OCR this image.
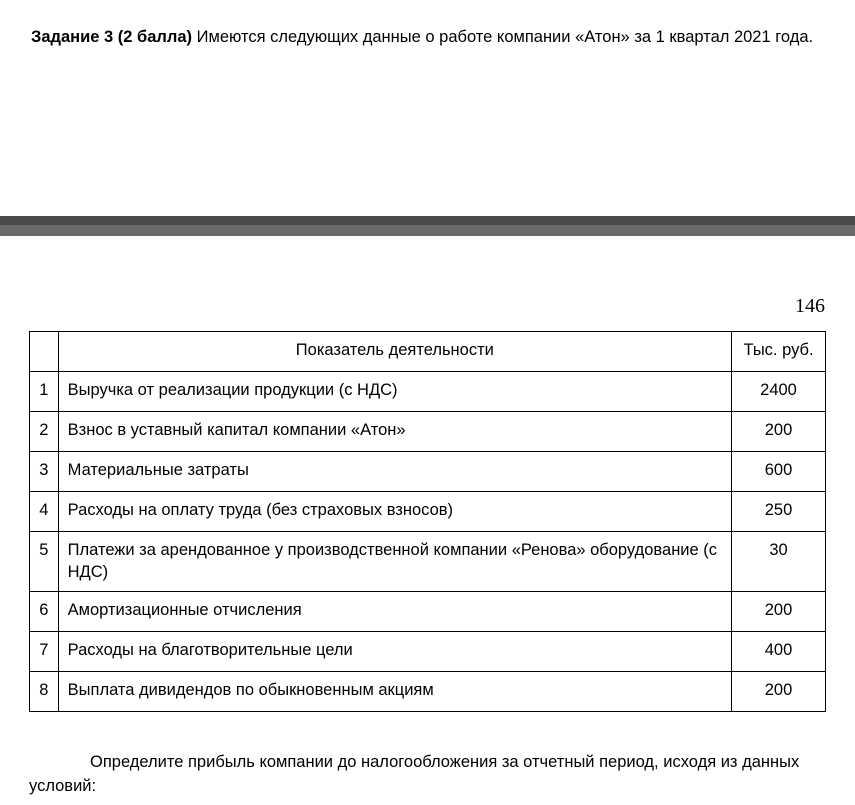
Задание 3 (2 балла) Имеются следующих данные о работе компании «Атон» за 1 квартал 2021 года.
146

	Показатель деятельности	Тыс. руб.

1	Выручка от реализации продукции (с НДС)	2400

2	Взнос в уставный капитал компании «Атон»	200

3	Материальные затраты	600

4	Расходы на оплату труда (без страховых взносов)	250

5	Платежи за арендованное у производственной компании «Ренова» оборудование (с НДС)	30

6	Амортизационные отчисления	200

7	Расходы на благотворительные цели	400

8	Выплата дивидендов по обыкновенным акциям	200
Определите прибыль компании до налогообложения за отчетный период, исходя из данных условий:
